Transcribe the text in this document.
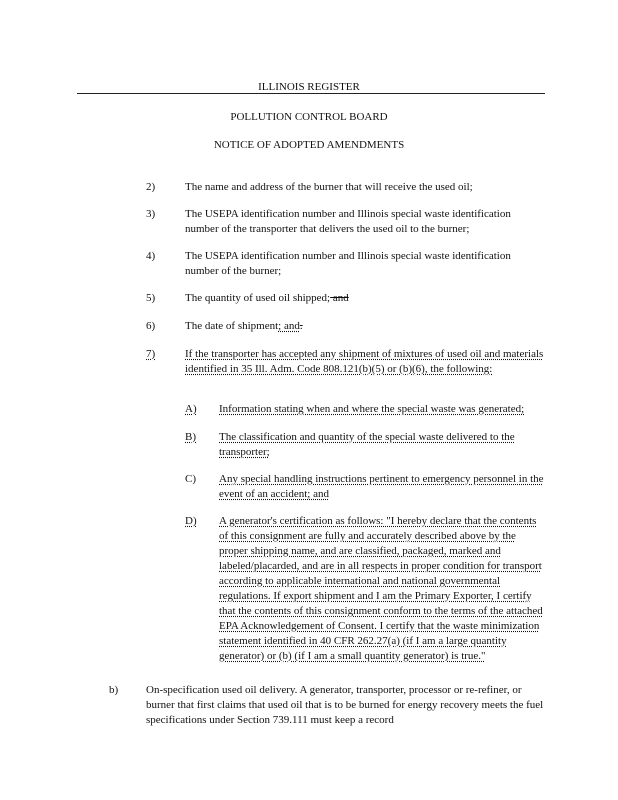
ILLINOIS REGISTER
POLLUTION CONTROL BOARD
NOTICE OF ADOPTED AMENDMENTS
2)	The name and address of the burner that will receive the used oil;
3)	The USEPA identification number and Illinois special waste identification number of the transporter that delivers the used oil to the burner;
4)	The USEPA identification number and Illinois special waste identification number of the burner;
5)	The quantity of used oil shipped; and
6)	The date of shipment; and.
7)	If the transporter has accepted any shipment of mixtures of used oil and materials identified in 35 Ill. Adm. Code 808.121(b)(5) or (b)(6), the following:
A)	Information stating when and where the special waste was generated;
B)	The classification and quantity of the special waste delivered to the transporter;
C)	Any special handling instructions pertinent to emergency personnel in the event of an accident; and
D)	A generator's certification as follows: "I hereby declare that the contents of this consignment are fully and accurately described above by the proper shipping name, and are classified, packaged, marked and labeled/placarded, and are in all respects in proper condition for transport according to applicable international and national governmental regulations. If export shipment and I am the Primary Exporter, I certify that the contents of this consignment conform to the terms of the attached EPA Acknowledgement of Consent. I certify that the waste minimization statement identified in 40 CFR 262.27(a) (if I am a large quantity generator) or (b) (if I am a small quantity generator) is true."
b)	On-specification used oil delivery. A generator, transporter, processor or re-refiner, or burner that first claims that used oil that is to be burned for energy recovery meets the fuel specifications under Section 739.111 must keep a record
